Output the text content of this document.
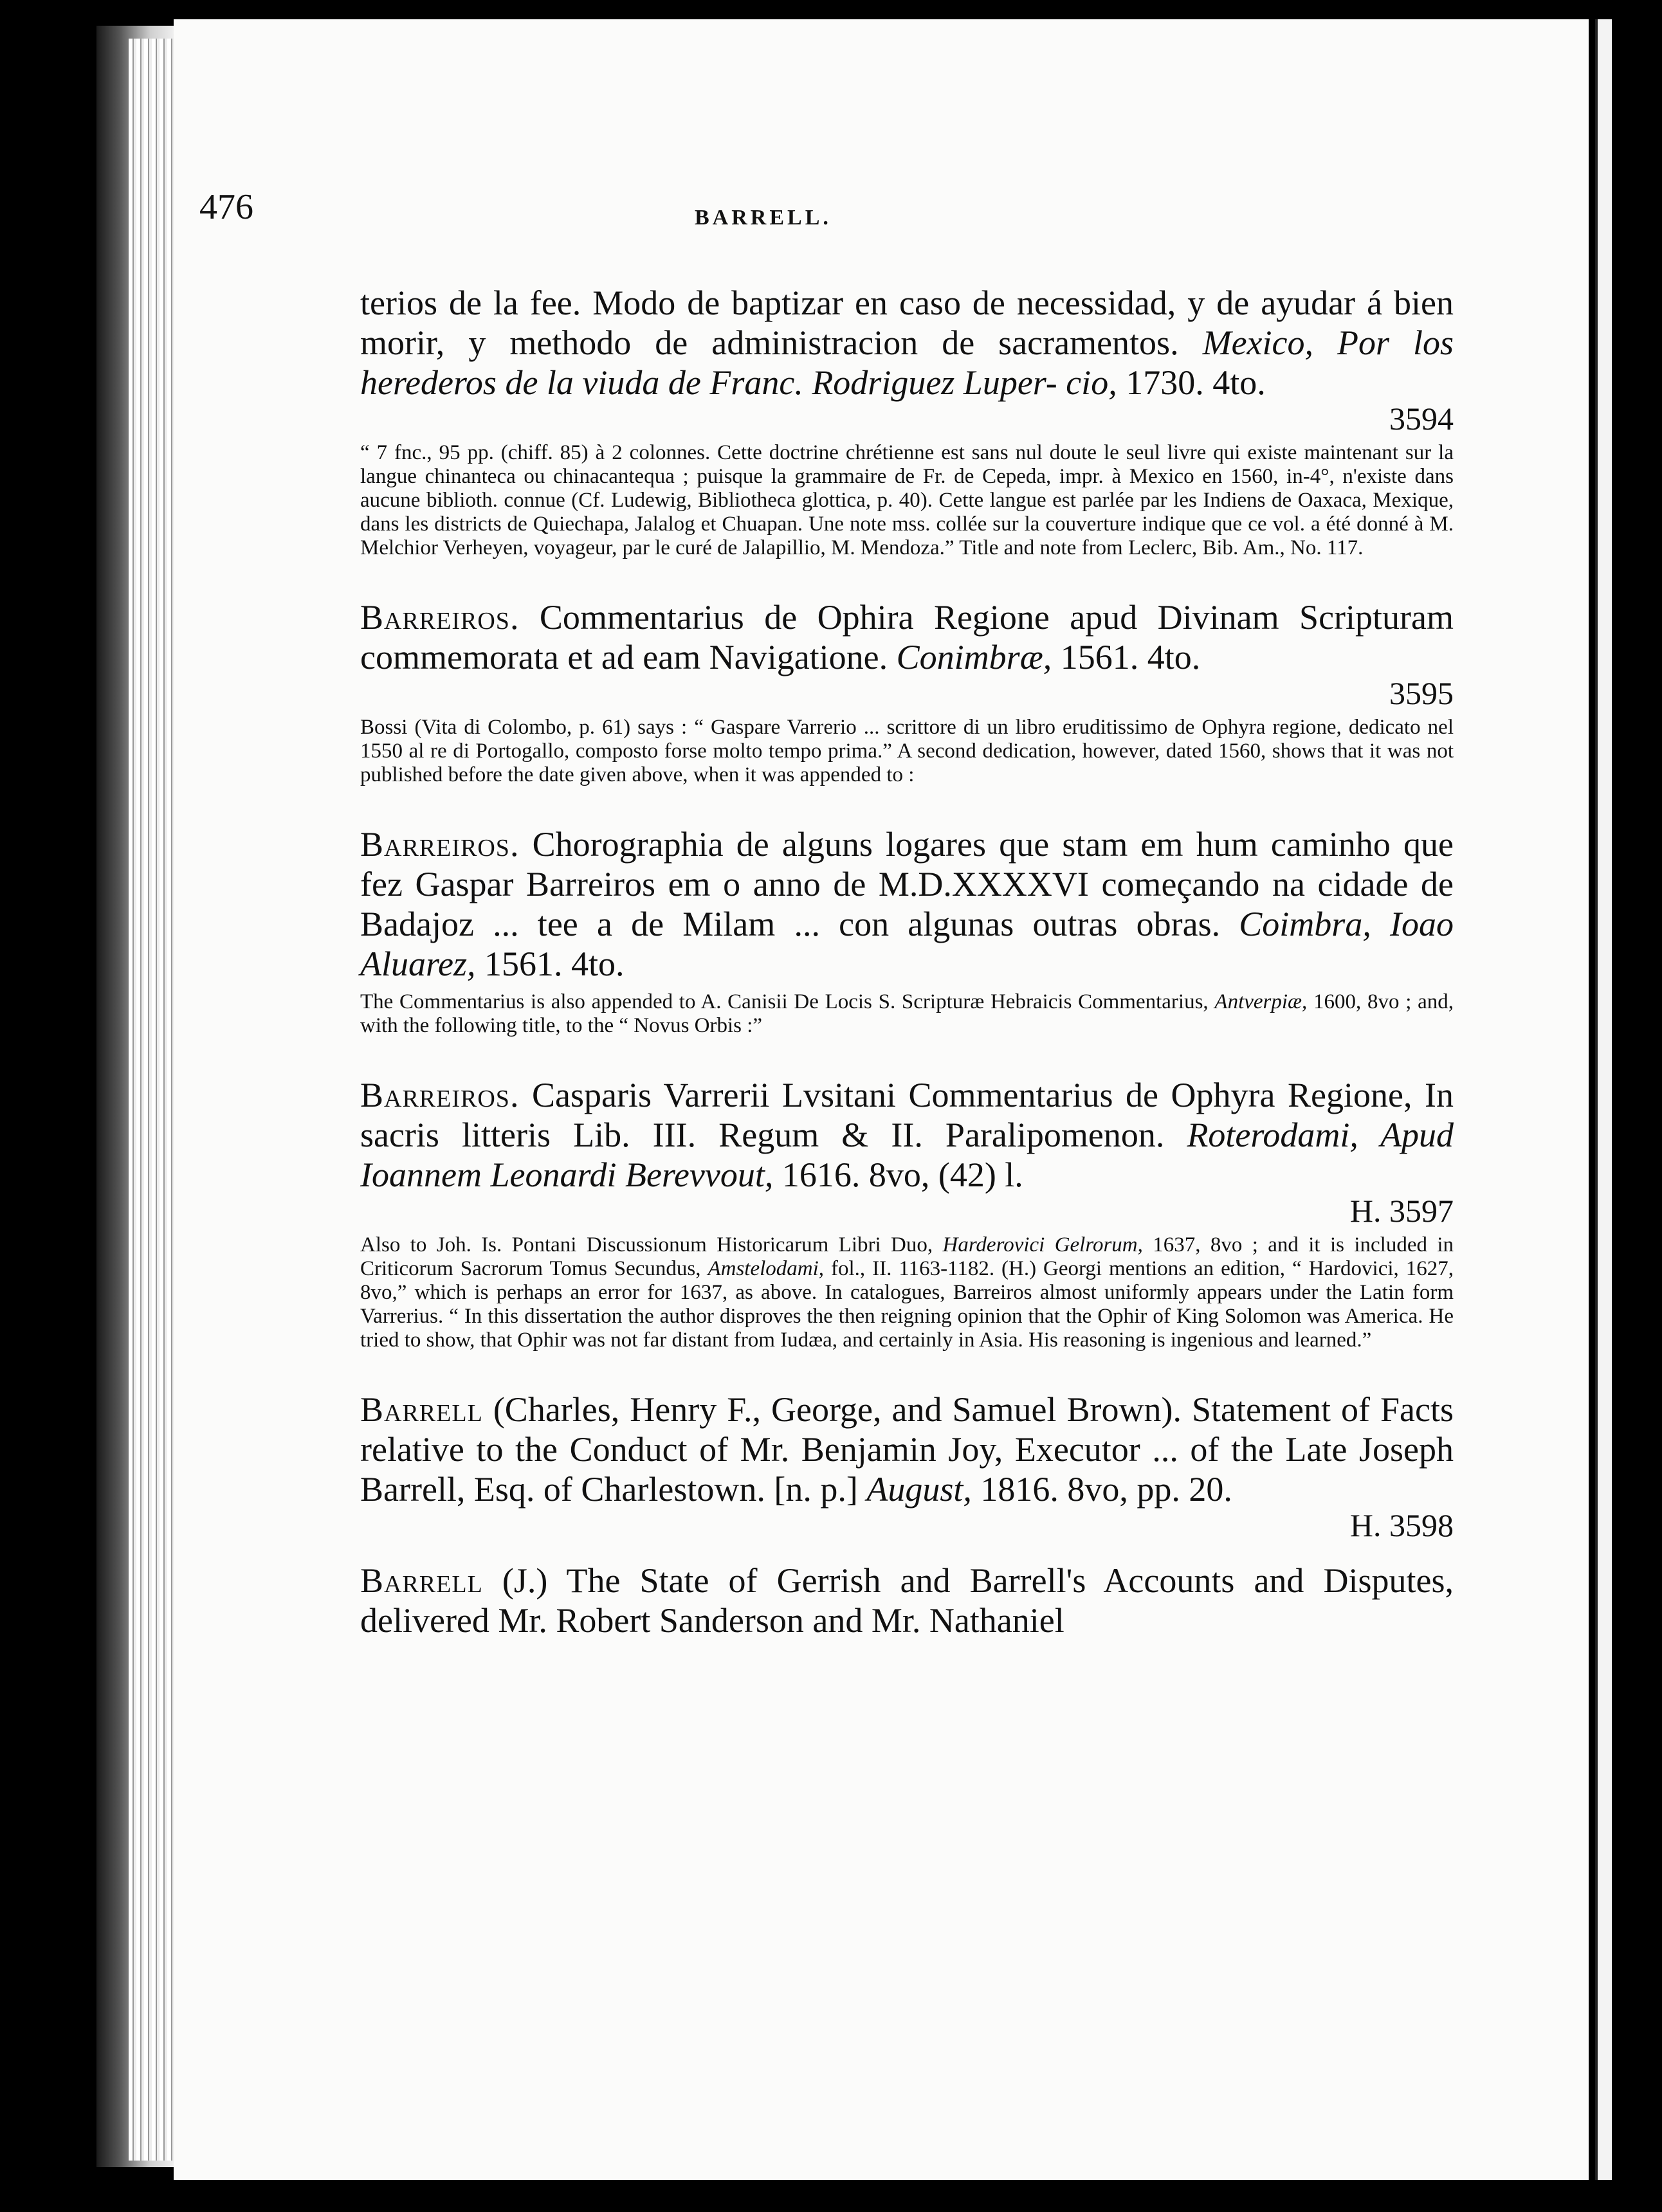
476	BARRELL.

terios de la fee. Modo de baptizar en caso de necessidad, y de ayudar á bien morir, y methodo de administracion de sacramentos. Mexico, Por los herederos de la viuda de Franc. Rodriguez Luper- cio, 1730. 4to.

3594

“ 7 fnc., 95 pp. (chiff. 85) à 2 colonnes. Cette doctrine chrétienne est sans nul doute le seul livre qui existe maintenant sur la langue chinanteca ou chinacantequa ; puisque la grammaire de Fr. de Cepeda, impr. à Mexico en 1560, in-4°, n'existe dans aucune biblioth. connue (Cf. Ludewig, Bibliotheca glottica, p. 40). Cette langue est parlée par les Indiens de Oaxaca, Mexique, dans les districts de Quiechapa, Jalalog et Chuapan. Une note mss. collée sur la couverture indique que ce vol. a été donné à M. Melchior Verheyen, voyageur, par le curé de Jalapillio, M. Mendoza.” Title and note from Leclerc, Bib. Am., No. 117.

Barreiros. Commentarius de Ophira Regione apud Divinam Scripturam commemorata et ad eam Navigatione. Conimbræ, 1561. 4to.

3595

Bossi (Vita di Colombo, p. 61) says : “ Gaspare Varrerio ... scrittore di un libro eruditissimo de Ophyra regione, dedicato nel 1550 al re di Portogallo, composto forse molto tempo prima.” A second dedication, however, dated 1560, shows that it was not published before the date given above, when it was appended to :

Barreiros. Chorographia de alguns logares que stam em hum caminho que fez Gaspar Barreiros em o anno de M.D.XXXXVI começando na cidade de Badajoz ... tee a de Milam ... con algunas outras obras. Coimbra, Ioao Aluarez, 1561. 4to.

The Commentarius is also appended to A. Canisii De Locis S. Scripturæ Hebraicis Commentarius, Antverpiæ, 1600, 8vo ; and, with the following title, to the “ Novus Orbis :”

Barreiros. Casparis Varrerii Lvsitani Commentarius de Ophyra Regione, In sacris litteris Lib. III. Regum & II. Paralipomenon. Roterodami, Apud Ioannem Leonardi Berevvout, 1616. 8vo, (42) l.

H. 3597

Also to Joh. Is. Pontani Discussionum Historicarum Libri Duo, Harderovici Gelrorum, 1637, 8vo ; and it is included in Criticorum Sacrorum Tomus Secundus, Amstelodami, fol., II. 1163-1182. (H.) Georgi mentions an edition, “ Hardovici, 1627, 8vo,” which is perhaps an error for 1637, as above. In catalogues, Barreiros almost uniformly appears under the Latin form Varrerius. “ In this dissertation the author disproves the then reigning opinion that the Ophir of King Solomon was America. He tried to show, that Ophir was not far distant from Iudæa, and certainly in Asia. His reasoning is ingenious and learned.”

Barrell (Charles, Henry F., George, and Samuel Brown). Statement of Facts relative to the Conduct of Mr. Benjamin Joy, Executor ... of the Late Joseph Barrell, Esq. of Charlestown. [n. p.] August, 1816. 8vo, pp. 20.

H. 3598

Barrell (J.) The State of Gerrish and Barrell's Accounts and Disputes, delivered Mr. Robert Sanderson and Mr. Nathaniel
